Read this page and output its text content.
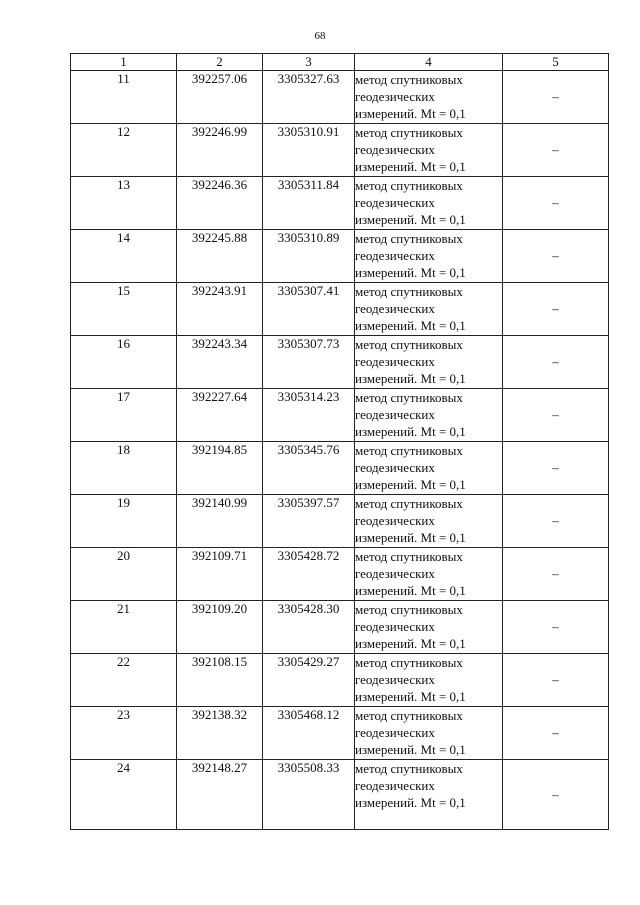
68
1	2	3	4	5
11	392257.06	3305327.63	метод спутниковых
геодезических
измерений. Mt = 0,1	–
12	392246.99	3305310.91	метод спутниковых
геодезических
измерений. Mt = 0,1	–
13	392246.36	3305311.84	метод спутниковых
геодезических
измерений. Mt = 0,1	–
14	392245.88	3305310.89	метод спутниковых
геодезических
измерений. Mt = 0,1	–
15	392243.91	3305307.41	метод спутниковых
геодезических
измерений. Mt = 0,1	–
16	392243.34	3305307.73	метод спутниковых
геодезических
измерений. Mt = 0,1	–
17	392227.64	3305314.23	метод спутниковых
геодезических
измерений. Mt = 0,1	–
18	392194.85	3305345.76	метод спутниковых
геодезических
измерений. Mt = 0,1	–
19	392140.99	3305397.57	метод спутниковых
геодезических
измерений. Mt = 0,1	–
20	392109.71	3305428.72	метод спутниковых
геодезических
измерений. Mt = 0,1	–
21	392109.20	3305428.30	метод спутниковых
геодезических
измерений. Mt = 0,1	–
22	392108.15	3305429.27	метод спутниковых
геодезических
измерений. Mt = 0,1	–
23	392138.32	3305468.12	метод спутниковых
геодезических
измерений. Mt = 0,1	–
24	392148.27	3305508.33	метод спутниковых
геодезических
измерений. Mt = 0,1	–
